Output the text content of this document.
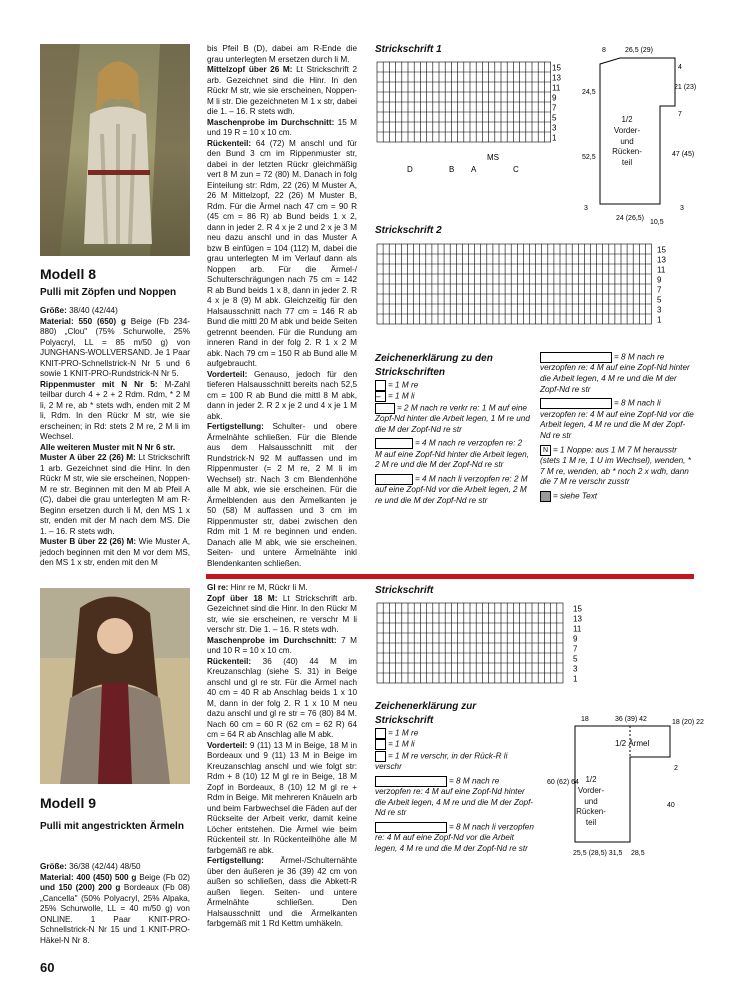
Modell 8
Pulli mit Zöpfen und Noppen

Größe: 38/40 (42/44)

Material: 550 (650) g Beige (Fb 234-880) „Clou" (75% Schurwolle, 25% Polyacryl, LL = 85 m/50 g) von JUNGHANS-WOLLVERSAND. Je 1 Paar KNIT-PRO-Schnellstrick-N Nr 5 und 6 sowie 1 KNIT-PRO-Rundstrick-N Nr 5.

Rippenmuster mit N Nr 5: M-Zahl teilbar durch 4 + 2 + 2 Rdm. Rdm, * 2 M li, 2 M re, ab * stets wdh, enden mit 2 M li, Rdm. In den Rückr M str, wie sie erscheinen; in Rd: stets 2 M re, 2 M li im Wechsel.

Alle weiteren Muster mit N Nr 6 str.

Muster A über 22 (26) M: Lt Strickschrift 1 arb. Gezeichnet sind die Hinr. In den Rückr M str, wie sie erscheinen, Noppen-M re str. Beginnen mit den M ab Pfeil A (C), dabei die grau unterlegten M am R-Beginn ersetzen durch li M, den MS 1 x str, enden mit der M nach dem MS. Die 1. – 16. R stets wdh.

Muster B über 22 (26) M: Wie Muster A, jedoch beginnen mit den M vor dem MS, den MS 1 x str, enden mit den M

bis Pfeil B (D), dabei am R-Ende die grau unterlegten M ersetzen durch li M.

Mittelzopf über 26 M: Lt Strickschrift 2 arb. Gezeichnet sind die Hinr. In den Rückr M str, wie sie erscheinen, Noppen-M li str. Die gezeichneten M 1 x str, dabei die 1. – 16. R stets wdh.

Maschenprobe im Durchschnitt: 15 M und 19 R = 10 x 10 cm.

Rückenteil: 64 (72) M anschl und für den Bund 3 cm im Rippenmuster str, dabei in der letzten Rückr gleichmäßig vert 8 M zun = 72 (80) M. Danach in folg Einteilung str: Rdm, 22 (26) M Muster A, 26 M Mittelzopf, 22 (26) M Muster B, Rdm. Für die Ärmel nach 47 cm = 90 R (45 cm = 86 R) ab Bund beids 1 x 2, dann in jeder 2. R 4 x je 2 und 2 x je 3 M neu dazu anschl und in das Muster A bzw B einfügen = 104 (112) M, dabei die grau unterlegten M im Verlauf dann als Noppen arb. Für die Ärmel-/ Schulterschrägungen nach 75 cm = 142 R ab Bund beids 1 x 8, dann in jeder 2. R 4 x je 8 (9) M abk. Gleichzeitig für den Halsausschnitt nach 77 cm = 146 R ab Bund die mittl 20 M abk und beide Seiten getrennt beenden. Für die Rundung am inneren Rand in der folg 2. R 1 x 2 M abk. Nach 79 cm = 150 R ab Bund alle M aufgebraucht.

Vorderteil: Genauso, jedoch für den tieferen Halsausschnitt bereits nach 52,5 cm = 100 R ab Bund die mittl 8 M abk, dann in jeder 2. R 2 x je 2 und 4 x je 1 M abk.

Fertigstellung: Schulter- und obere Ärmelnähte schließen. Für die Blende aus dem Halsausschnitt mit der Rundstrick-N 92 M auffassen und im Rippenmuster (= 2 M re, 2 M li im Wechsel) str. Nach 3 cm Blendenhöhe alle M abk, wie sie erscheinen. Für die Ärmelblenden aus den Ärmelkanten je 50 (58) M auffassen und 3 cm im Rippenmuster str, dabei zwischen den Rdm mit 1 M re beginnen und enden. Danach alle M abk, wie sie erscheinen. Seiten- und untere Ärmelnähte inkl Blendenkanten schließen.

Strickschrift 1
15
13
11
9
7
5
3
1
MS
D	B A	C
Strickschrift 2
15
13
11
9
7
5
3
1
Zeichenerklärung zu den Strickschriften
= 1 M re
– = 1 M li
= 2 M nach re verkr re: 1 M auf eine Zopf-Nd hinter die Arbeit legen, 1 M re und die M der Zopf-Nd re str
= 4 M nach re verzopfen re: 2 M auf eine Zopf-Nd hinter die Arbeit legen, 2 M re und die M der Zopf-Nd re str
= 4 M nach li verzopfen re: 2 M auf eine Zopf-Nd vor die Arbeit legen, 2 M re und die M der Zopf-Nd re str
= 8 M nach re verzopfen re: 4 M auf eine Zopf-Nd hinter die Arbeit legen, 4 M re und die M der Zopf-Nd re str
= 8 M nach li verzopfen re: 4 M auf eine Zopf-Nd vor die Arbeit legen, 4 M re und die M der Zopf-Nd re str
N = 1 Noppe: aus 1 M 7 M herausstr (stets 1 M re, 1 U im Wechsel), wenden, * 7 M re, wenden, ab * noch 2 x wdh, dann die 7 M re verschr zusstr
= siehe Text
8	26,5 (29)
24,5
52,5
4
21 (23)
7
47 (45)
3
24 (26,5)
10,5
3
1/2 Vorder- und Rücken- teil
Modell 9
Pulli mit angestrickten Ärmeln

Größe: 36/38 (42/44) 48/50

Material: 400 (450) 500 g Beige (Fb 02) und 150 (200) 200 g Bordeaux (Fb 08) „Cancella" (50% Polyacryl, 25% Alpaka, 25% Schurwolle, LL = 40 m/50 g) von ONLINE. 1 Paar KNIT-PRO-Schnellstrick-N Nr 15 und 1 KNIT-PRO-Häkel-N Nr 8.

Gl re: Hinr re M, Rückr li M.

Zopf über 18 M: Lt Strickschrift arb. Gezeichnet sind die Hinr. In den Rückr M str, wie sie erscheinen, re verschr M li verschr str. Die 1. – 16. R stets wdh.

Maschenprobe im Durchschnitt: 7 M und 10 R = 10 x 10 cm.

Rückenteil: 36 (40) 44 M im Kreuzanschlag (siehe S. 31) in Beige anschl und gl re str. Für die Ärmel nach 40 cm = 40 R ab Anschlag beids 1 x 10 M, dann in der folg 2. R 1 x 10 M neu dazu anschl und gl re str = 76 (80) 84 M. Nach 60 cm = 60 R (62 cm = 62 R) 64 cm = 64 R ab Anschlag alle M abk.

Vorderteil: 9 (11) 13 M in Beige, 18 M in Bordeaux und 9 (11) 13 M in Beige im Kreuzanschlag anschl und wie folgt str: Rdm + 8 (10) 12 M gl re in Beige, 18 M Zopf in Bordeaux, 8 (10) 12 M gl re + Rdm in Beige. Mit mehreren Knäueln arb und beim Farbwechsel die Fäden auf der Rückseite der Arbeit verkr, damit keine Löcher entstehen. Die Ärmel wie beim Rückenteil str. In Rückenteilhöhe alle M farbgemäß re abk.

Fertigstellung: Ärmel-/Schulternähte über den äußeren je 36 (39) 42 cm von außen so schließen, dass die Abkett-R außen liegen. Seiten- und untere Ärmelnähte schließen. Den Halsausschnitt und die Ärmelkanten farbgemäß mit 1 Rd Kettm umhäkeln.

Strickschrift
15
13
11
9
7
5
3
1
Zeichenerklärung zur Strickschrift
= 1 M re
= 1 M li
= 1 M re verschr, in der Rück-R li verschr
= 8 M nach re verzopfen re: 4 M auf eine Zopf-Nd hinter die Arbeit legen, 4 M re und die M der Zopf-Nd re str
= 8 M nach li verzopfen re: 4 M auf eine Zopf-Nd vor die Arbeit legen, 4 M re und die M der Zopf-Nd re str
18	36 (39) 42	18 (20) 22
2
40
60 (62) 64
25,5 (28,5) 31,5 28,5
1/2 Ärmel
1/2 Vorder- und Rücken- teil
60
